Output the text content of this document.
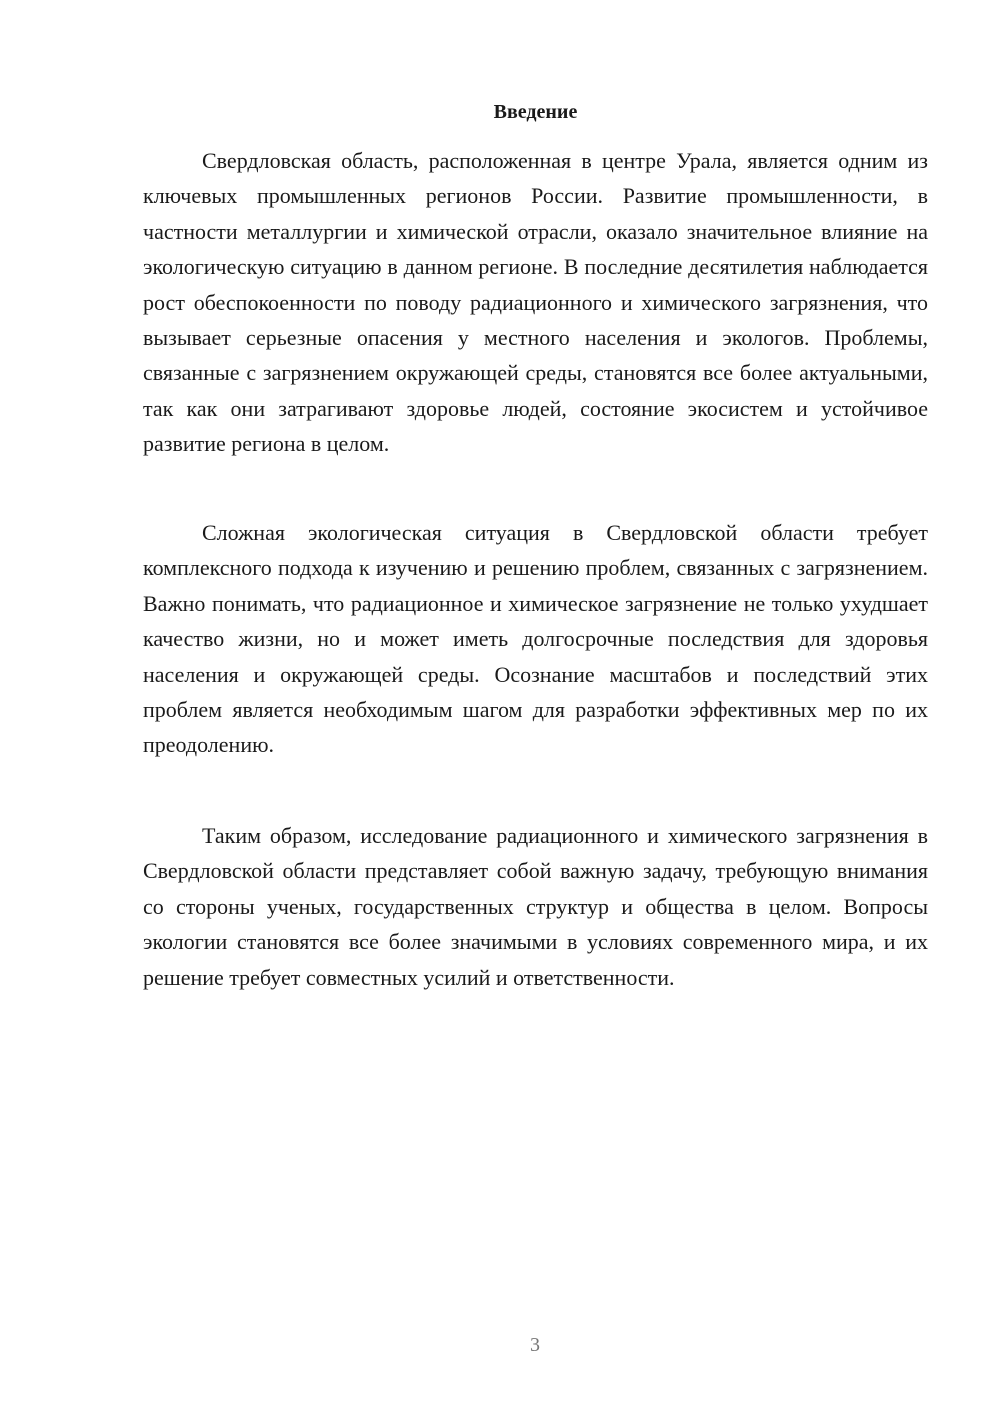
Введение

Свердловская область, расположенная в центре Урала, является одним из ключевых промышленных регионов России. Развитие промышленности, в частности металлургии и химической отрасли, оказало значительное влияние на экологическую ситуацию в данном регионе. В последние десятилетия наблюдается рост обеспокоенности по поводу радиационного и химического загрязнения, что вызывает серьезные опасения у местного населения и экологов. Проблемы, связанные с загрязнением окружающей среды, становятся все более актуальными, так как они затрагивают здоровье людей, состояние экосистем и устойчивое развитие региона в целом.

Сложная экологическая ситуация в Свердловской области требует комплексного подхода к изучению и решению проблем, связанных с загрязнением. Важно понимать, что радиационное и химическое загрязнение не только ухудшает качество жизни, но и может иметь долгосрочные последствия для здоровья населения и окружающей среды. Осознание масштабов и последствий этих проблем является необходимым шагом для разработки эффективных мер по их преодолению.

Таким образом, исследование радиационного и химического загрязнения в Свердловской области представляет собой важную задачу, требующую внимания со стороны ученых, государственных структур и общества в целом. Вопросы экологии становятся все более значимыми в условиях современного мира, и их решение требует совместных усилий и ответственности.

3
